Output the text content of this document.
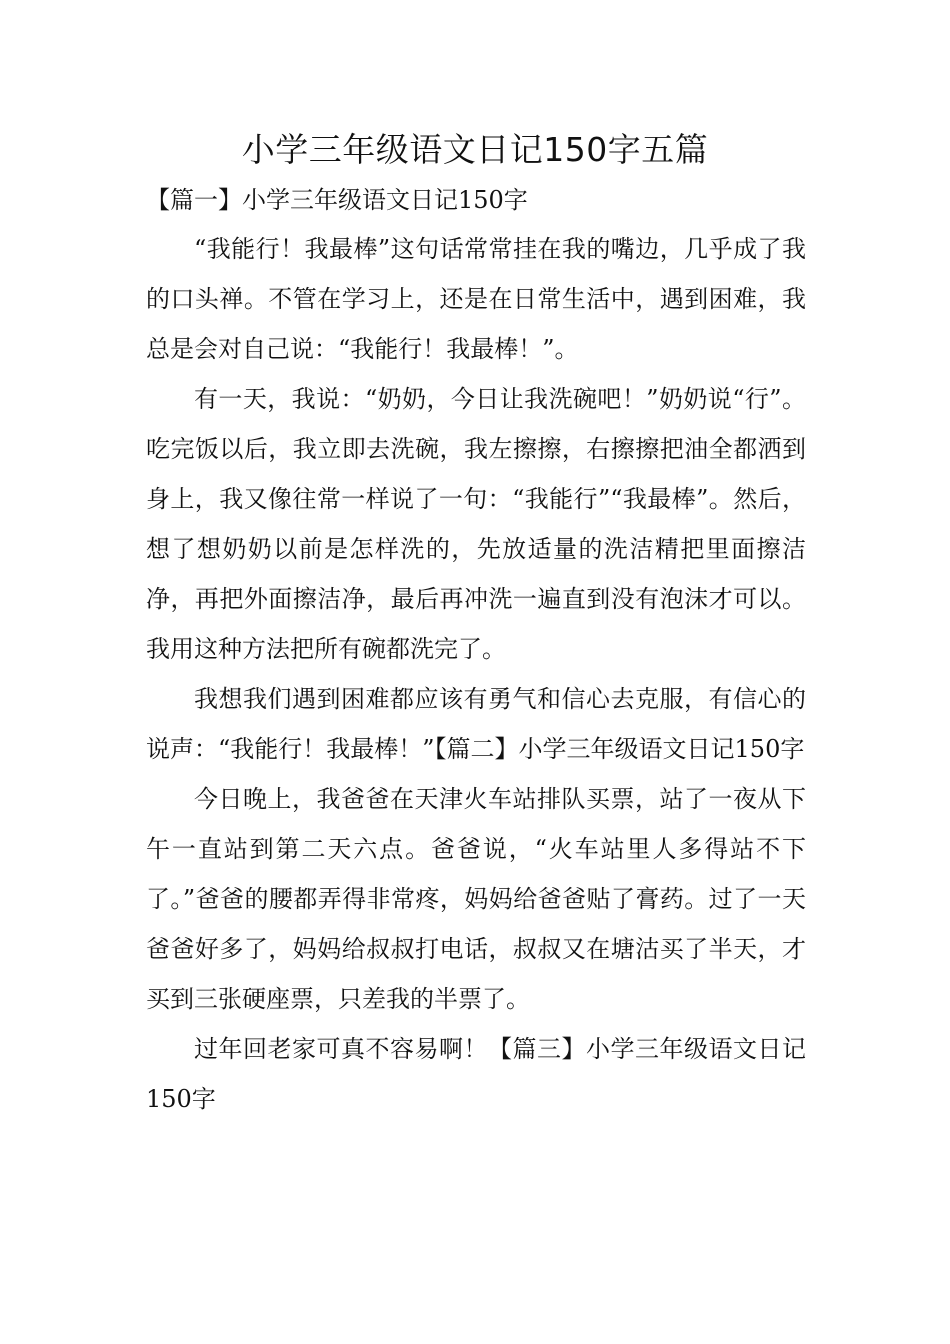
小学三年级语文日记150字五篇

【篇一】小学三年级语文日记150字

“我能行！我最棒”这句话常常挂在我的嘴边，几乎成了我的口头禅。不管在学习上，还是在日常生活中，遇到困难，我总是会对自己说：“我能行！我最棒！”。

有一天，我说：“奶奶，今日让我洗碗吧！”奶奶说“行”。吃完饭以后，我立即去洗碗，我左擦擦，右擦擦把油全都洒到身上，我又像往常一样说了一句：“我能行”“我最棒”。然后，想了想奶奶以前是怎样洗的，先放适量的洗洁精把里面擦洁净，再把外面擦洁净，最后再冲洗一遍直到没有泡沫才可以。我用这种方法把所有碗都洗完了。

我想我们遇到困难都应该有勇气和信心去克服，有信心的说声：“我能行！我最棒！”【篇二】小学三年级语文日记150字

今日晚上，我爸爸在天津火车站排队买票，站了一夜从下午一直站到第二天六点。爸爸说，“火车站里人多得站不下了。”爸爸的腰都弄得非常疼，妈妈给爸爸贴了膏药。过了一天爸爸好多了，妈妈给叔叔打电话，叔叔又在塘沽买了半天，才买到三张硬座票，只差我的半票了。

过年回老家可真不容易啊！【篇三】小学三年级语文日记150字
